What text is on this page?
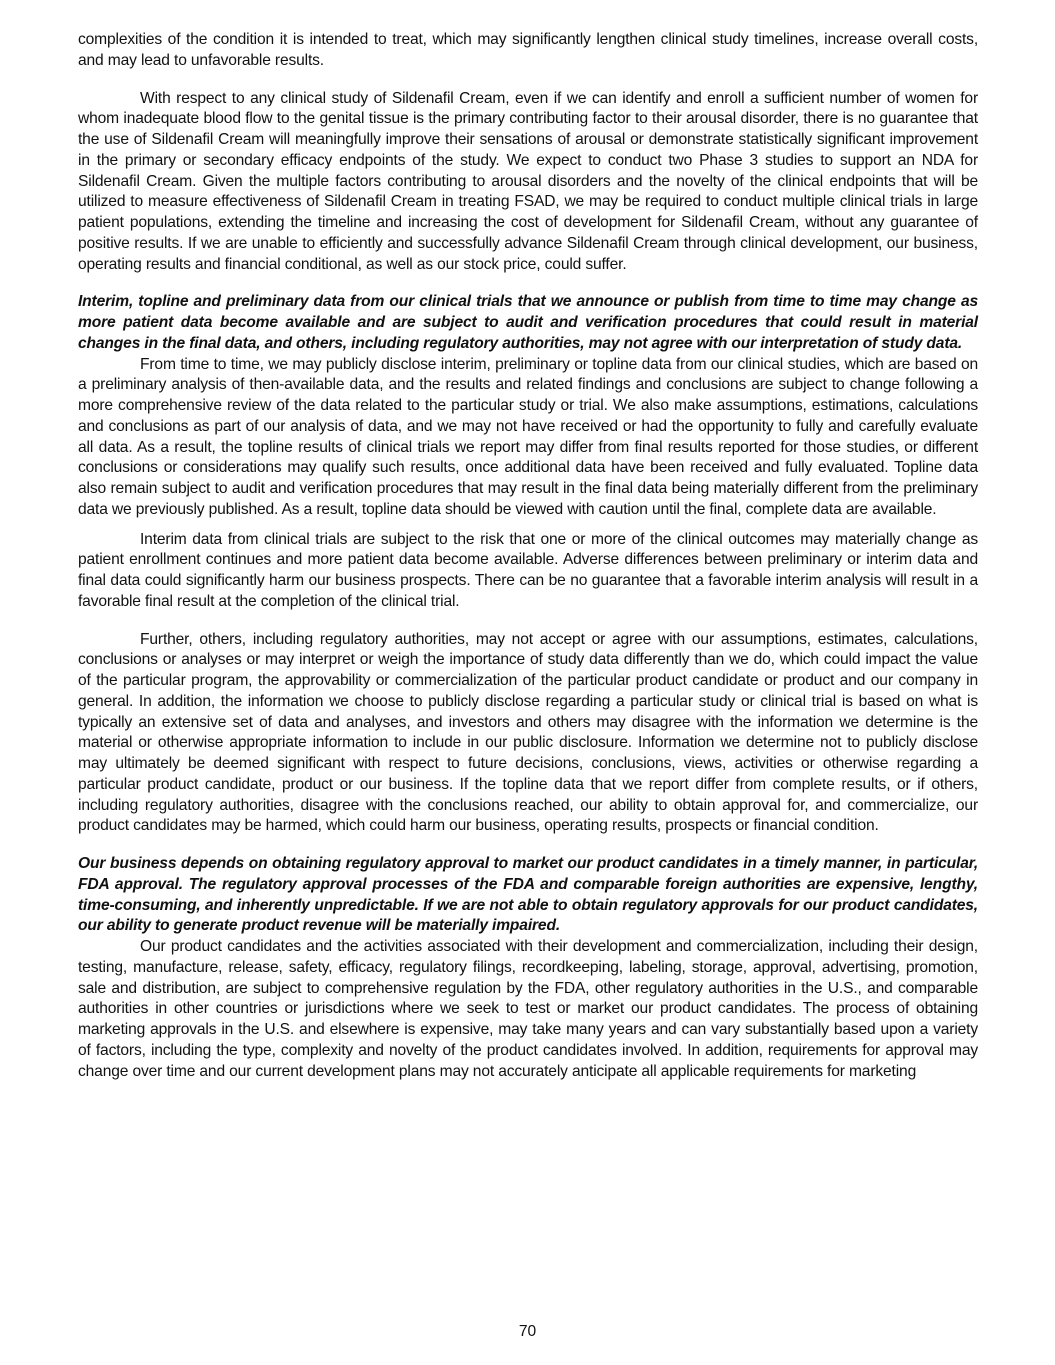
complexities of the condition it is intended to treat, which may significantly lengthen clinical study timelines, increase overall costs, and may lead to unfavorable results.

With respect to any clinical study of Sildenafil Cream, even if we can identify and enroll a sufficient number of women for whom inadequate blood flow to the genital tissue is the primary contributing factor to their arousal disorder, there is no guarantee that the use of Sildenafil Cream will meaningfully improve their sensations of arousal or demonstrate statistically significant improvement in the primary or secondary efficacy endpoints of the study. We expect to conduct two Phase 3 studies to support an NDA for Sildenafil Cream. Given the multiple factors contributing to arousal disorders and the novelty of the clinical endpoints that will be utilized to measure effectiveness of Sildenafil Cream in treating FSAD, we may be required to conduct multiple clinical trials in large patient populations, extending the timeline and increasing the cost of development for Sildenafil Cream, without any guarantee of positive results. If we are unable to efficiently and successfully advance Sildenafil Cream through clinical development, our business, operating results and financial conditional, as well as our stock price, could suffer.

Interim, topline and preliminary data from our clinical trials that we announce or publish from time to time may change as more patient data become available and are subject to audit and verification procedures that could result in material changes in the final data, and others, including regulatory authorities, may not agree with our interpretation of study data.

From time to time, we may publicly disclose interim, preliminary or topline data from our clinical studies, which are based on a preliminary analysis of then-available data, and the results and related findings and conclusions are subject to change following a more comprehensive review of the data related to the particular study or trial. We also make assumptions, estimations, calculations and conclusions as part of our analysis of data, and we may not have received or had the opportunity to fully and carefully evaluate all data. As a result, the topline results of clinical trials we report may differ from final results reported for those studies, or different conclusions or considerations may qualify such results, once additional data have been received and fully evaluated. Topline data also remain subject to audit and verification procedures that may result in the final data being materially different from the preliminary data we previously published. As a result, topline data should be viewed with caution until the final, complete data are available.

Interim data from clinical trials are subject to the risk that one or more of the clinical outcomes may materially change as patient enrollment continues and more patient data become available. Adverse differences between preliminary or interim data and final data could significantly harm our business prospects. There can be no guarantee that a favorable interim analysis will result in a favorable final result at the completion of the clinical trial.

Further, others, including regulatory authorities, may not accept or agree with our assumptions, estimates, calculations, conclusions or analyses or may interpret or weigh the importance of study data differently than we do, which could impact the value of the particular program, the approvability or commercialization of the particular product candidate or product and our company in general. In addition, the information we choose to publicly disclose regarding a particular study or clinical trial is based on what is typically an extensive set of data and analyses, and investors and others may disagree with the information we determine is the material or otherwise appropriate information to include in our public disclosure. Information we determine not to publicly disclose may ultimately be deemed significant with respect to future decisions, conclusions, views, activities or otherwise regarding a particular product candidate, product or our business. If the topline data that we report differ from complete results, or if others, including regulatory authorities, disagree with the conclusions reached, our ability to obtain approval for, and commercialize, our product candidates may be harmed, which could harm our business, operating results, prospects or financial condition.

Our business depends on obtaining regulatory approval to market our product candidates in a timely manner, in particular, FDA approval. The regulatory approval processes of the FDA and comparable foreign authorities are expensive, lengthy, time-consuming, and inherently unpredictable. If we are not able to obtain regulatory approvals for our product candidates, our ability to generate product revenue will be materially impaired.

Our product candidates and the activities associated with their development and commercialization, including their design, testing, manufacture, release, safety, efficacy, regulatory filings, recordkeeping, labeling, storage, approval, advertising, promotion, sale and distribution, are subject to comprehensive regulation by the FDA, other regulatory authorities in the U.S., and comparable authorities in other countries or jurisdictions where we seek to test or market our product candidates. The process of obtaining marketing approvals in the U.S. and elsewhere is expensive, may take many years and can vary substantially based upon a variety of factors, including the type, complexity and novelty of the product candidates involved. In addition, requirements for approval may change over time and our current development plans may not accurately anticipate all applicable requirements for marketing

70
